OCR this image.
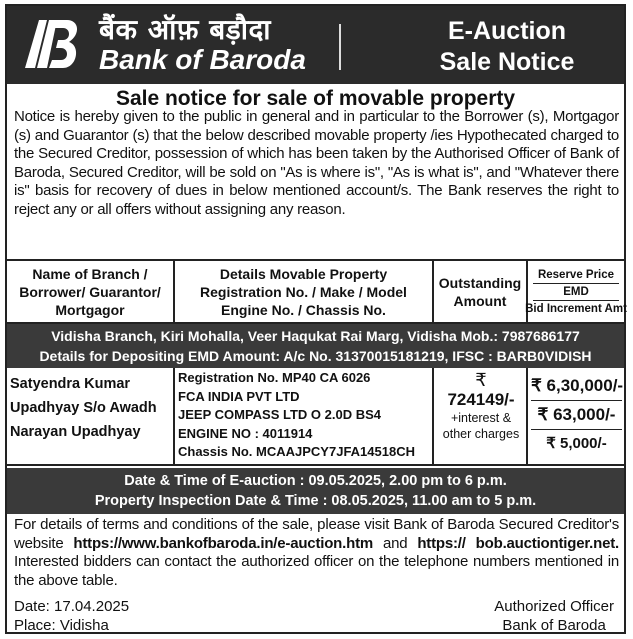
बैंक ऑफ़ बड़ौदा
Bank of Baroda
E-Auction
Sale Notice
Sale notice for sale of movable property
Notice is hereby given to the public in general and in particular to the Borrower (s), Mortgagor (s) and Guarantor (s) that the below described movable property /ies Hypothecated charged to the Secured Creditor, possession of which has been taken by the Authorised Officer of Bank of Baroda, Secured Creditor, will be sold on "As is where is", "As is what is", and "Whatever there is" basis for recovery of dues in below mentioned account/s. The Bank reserves the right to reject any or all offers without assigning any reason.
Name of Branch /
Borrower/ Guarantor/
Mortgagor
Details Movable Property
Registration No. / Make / Model
Engine No. / Chassis No.
Outstanding
Amount
Reserve Price
EMD
Bid Increment Amt
Vidisha Branch, Kiri Mohalla, Veer Haqukat Rai Marg, Vidisha Mob.: 7987686177
Details for Depositing EMD Amount: A/c No. 31370015181219, IFSC : BARB0VIDISH
Satyendra Kumar
Upadhyay S/o Awadh
Narayan Upadhyay
Registration No. MP40 CA 6026
FCA INDIA PVT LTD
JEEP COMPASS LTD O 2.0D BS4
ENGINE NO : 4011914
Chassis No. MCAAJPCY7JFA14518CH
₹
724149/-
+interest &
other charges
₹ 6,30,000/-
₹ 63,000/-
₹ 5,000/-
Date & Time of E-auction : 09.05.2025, 2.00 pm to 6 p.m.
Property Inspection Date & Time : 08.05.2025, 11.00 am to 5 p.m.
For details of terms and conditions of the sale, please visit Bank of Baroda Secured Creditor's website https://www.bankofbaroda.in/e-auction.htm and https:// bob.auctiontiger.net. Interested bidders can contact the authorized officer on the telephone numbers mentioned in the above table.
Date: 17.04.2025
Place: Vidisha
Authorized Officer
Bank of Baroda
